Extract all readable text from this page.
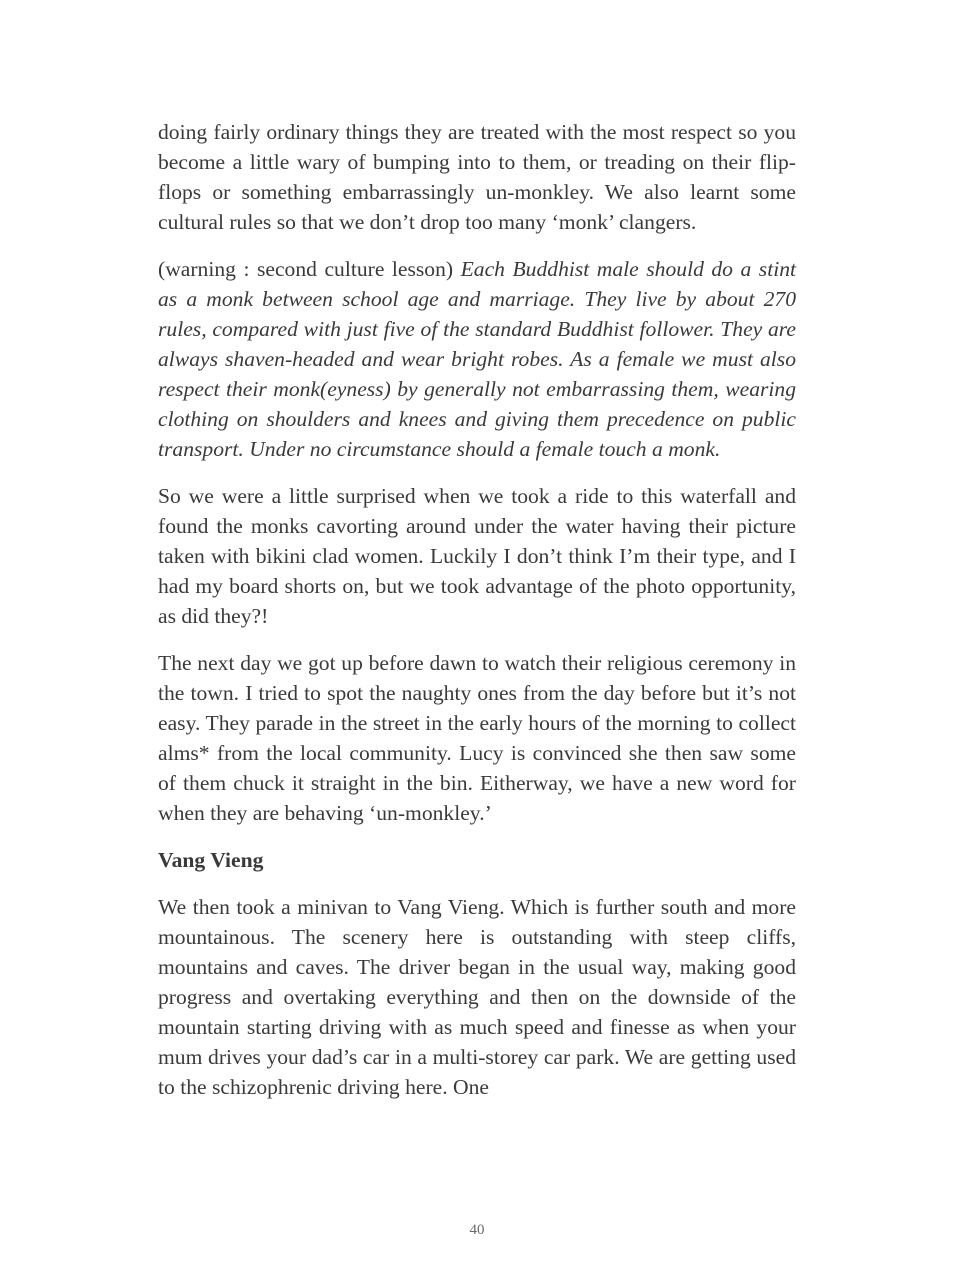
doing fairly ordinary things they are treated with the most respect so you become a little wary of bumping into to them, or treading on their flip-flops or something embarrassingly un-monkley. We also learnt some cultural rules so that we don’t drop too many ‘monk’ clangers.

(warning : second culture lesson) Each Buddhist male should do a stint as a monk between school age and marriage. They live by about 270 rules, compared with just five of the standard Buddhist follower. They are always shaven-headed and wear bright robes. As a female we must also respect their monk(eyness) by generally not embarrassing them, wearing clothing on shoulders and knees and giving them precedence on public transport. Under no circumstance should a female touch a monk.

So we were a little surprised when we took a ride to this waterfall and found the monks cavorting around under the water having their picture taken with bikini clad women. Luckily I don’t think I’m their type, and I had my board shorts on, but we took advantage of the photo opportunity, as did they?!

The next day we got up before dawn to watch their religious ceremony in the town. I tried to spot the naughty ones from the day before but it’s not easy. They parade in the street in the early hours of the morning to collect alms* from the local community. Lucy is convinced she then saw some of them chuck it straight in the bin. Eitherway, we have a new word for when they are behaving ‘un-monkley.’

Vang Vieng

We then took a minivan to Vang Vieng. Which is further south and more mountainous. The scenery here is outstanding with steep cliffs, mountains and caves. The driver began in the usual way, making good progress and overtaking everything and then on the downside of the mountain starting driving with as much speed and finesse as when your mum drives your dad’s car in a multi-storey car park. We are getting used to the schizophrenic driving here. One

40
